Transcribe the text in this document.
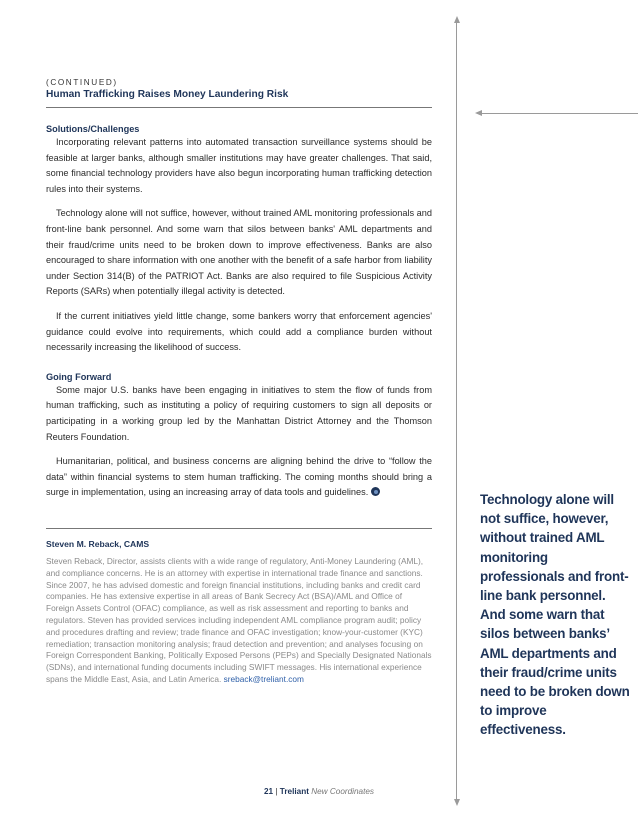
(CONTINUED)
Human Trafficking Raises Money Laundering Risk
Solutions/Challenges

Incorporating relevant patterns into automated transaction surveillance systems should be feasible at larger banks, although smaller institutions may have greater challenges. That said, some financial technology providers have also begun incorporating human trafficking detection rules into their systems.

Technology alone will not suffice, however, without trained AML monitoring professionals and front-line bank personnel. And some warn that silos between banks' AML departments and their fraud/crime units need to be broken down to improve effectiveness. Banks are also encouraged to share information with one another with the benefit of a safe harbor from liability under Section 314(B) of the PATRIOT Act. Banks are also required to file Suspicious Activity Reports (SARs) when potentially illegal activity is detected.

If the current initiatives yield little change, some bankers worry that enforcement agencies' guidance could evolve into requirements, which could add a compliance burden without necessarily increasing the likelihood of success.

Going Forward

Some major U.S. banks have been engaging in initiatives to stem the flow of funds from human trafficking, such as instituting a policy of requiring customers to sign all deposits or participating in a working group led by the Manhattan District Attorney and the Thomson Reuters Foundation.

Humanitarian, political, and business concerns are aligning behind the drive to “follow the data” within financial systems to stem human trafficking. The coming months should bring a surge in implementation, using an increasing array of data tools and guidelines.

Steven M. Reback, CAMS

Steven Reback, Director, assists clients with a wide range of regulatory, Anti-Money Laundering (AML), and compliance concerns. He is an attorney with expertise in international trade finance and sanctions. Since 2007, he has advised domestic and foreign financial institutions, including banks and credit card companies. He has extensive expertise in all areas of Bank Secrecy Act (BSA)/AML and Office of Foreign Assets Control (OFAC) compliance, as well as risk assessment and reporting to banks and regulators. Steven has provided services including independent AML compliance program audit; policy and procedures drafting and review; trade finance and OFAC investigation; know-your-customer (KYC) remediation; transaction monitoring analysis; fraud detection and prevention; and analyses focusing on Foreign Correspondent Banking, Politically Exposed Persons (PEPs) and Specially Designated Nationals (SDNs), and international funding documents including SWIFT messages. His international experience spans the Middle East, Asia, and Latin America. sreback@treliant.com

Technology alone will not suffice, however, without trained AML monitoring professionals and front-line bank personnel. And some warn that silos between banks’ AML departments and their fraud/crime units need to be broken down to improve effectiveness.
21 | Treliant New Coordinates
